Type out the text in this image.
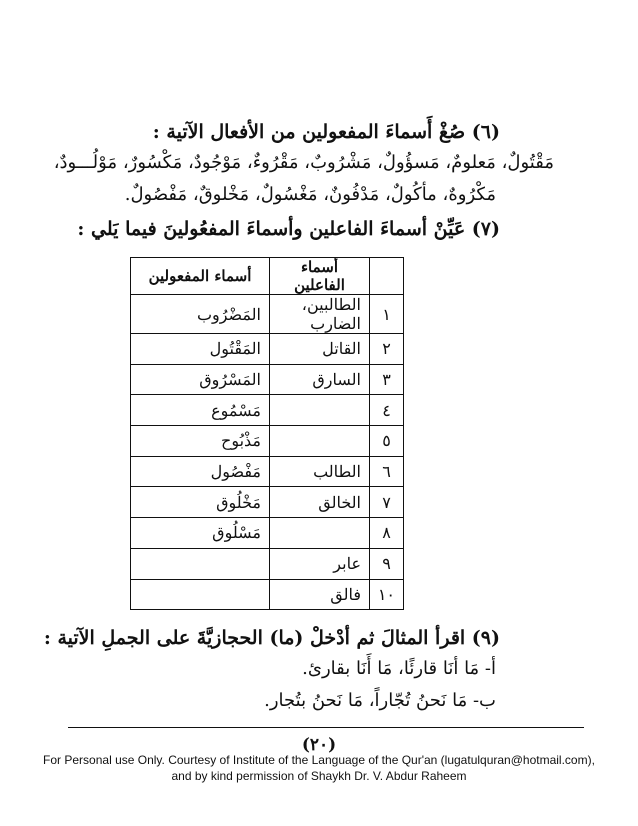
(٦) صُغْ أَسماءَ المفعولين من الأفعال الآتية :
مَقْتُولٌ، مَعلومٌ، مَسؤُولٌ، مَشْرُوبٌ، مَقْرُوءٌ، مَوْجُودٌ، مَكْسُورٌ، مَوْلُـــودٌ،
مَكْرُوهٌ، مأكُولٌ، مَدْفُونٌ، مَغْسُولٌ، مَخْلوقٌ، مَفْصُولٌ.
(٧) عَيِّنْ أسماءَ الفاعلين وأسماءَ المفعُولينَ فيما يَلي :
	أسماء الفاعلين	أسماء المفعولين
١	الطالبين، الضارب	المَضْرُوب
٢	القاتل	المَقْتُول
٣	السارق	المَسْرُوق
٤		مَسْمُوع
٥		مَذْبُوح
٦	الطالب	مَفْصُول
٧	الخالق	مَخْلُوق
٨		مَسْلُوق
٩	عابر	
١٠	فالق	
(٩) اقرأ المثالَ ثم أدْخلْ (ما) الحجازيَّةَ على الجملِ الآتية :
أ- مَا أنَا قارئًا، مَا أَنَا بقارئ.
ب- مَا نَحنُ تُجّاراً، مَا نَحنُ بتُجار.
(٢٠)
For Personal use Only. Courtesy of Institute of the Language of the Qur'an (lugatulquran@hotmail.com),
and by kind permission of Shaykh Dr. V. Abdur Raheem
